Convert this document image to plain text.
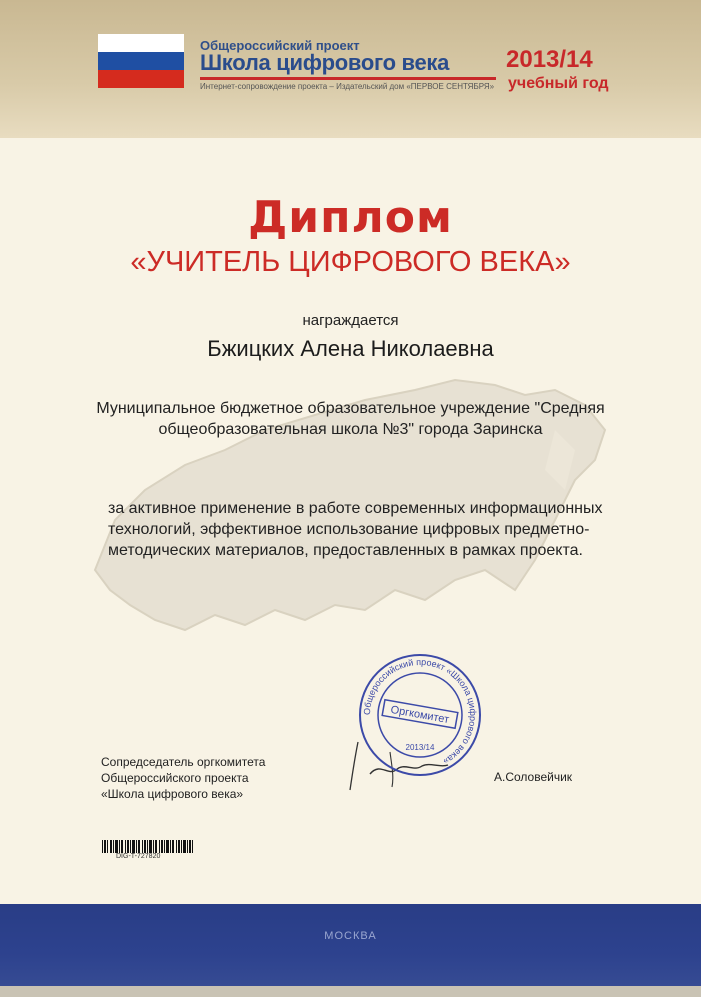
Общероссийский проект
Школа цифрового века
Интернет-сопровождение проекта – Издательский дом «ПЕРВОЕ СЕНТЯБРЯ»
2013/14
учебный год
Диплом
«УЧИТЕЛЬ ЦИФРОВОГО ВЕКА»
награждается
Бжицких Алена Николаевна
Муниципальное бюджетное образовательное учреждение "Средняя общеобразовательная школа №3" города Заринска
за активное применение в работе современных информационных технологий, эффективное использование цифровых предметно-методических материалов, предоставленных в рамках проекта.
Сопредседатель оргкомитета
Общероссийского проекта
«Школа цифрового века»
Общероссийский проект «Школа цифрового века»
Оргкомитет
2013/14
А.Соловейчик
DIG-T-727820
МОСКВА
